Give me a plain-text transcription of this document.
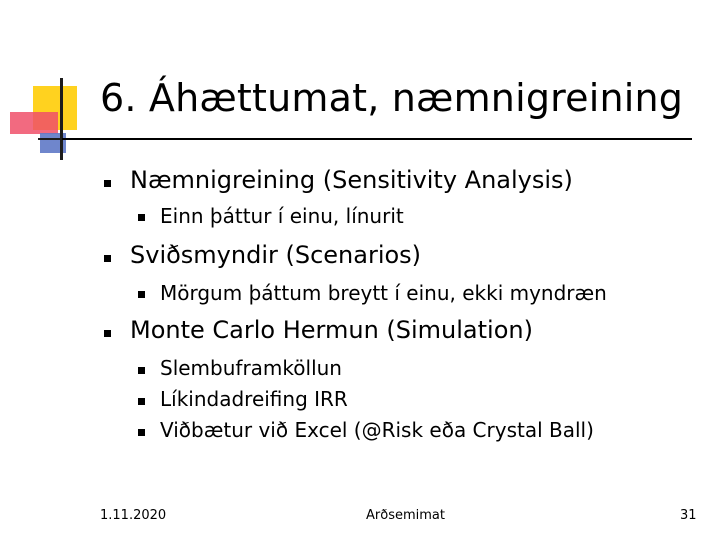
6. Áhættumat, næmnigreining
Næmnigreining (Sensitivity Analysis)
Einn þáttur í einu, línurit
Sviðsmyndir (Scenarios)
Mörgum þáttum breytt í einu, ekki myndræn
Monte Carlo Hermun (Simulation)
Slembuframköllun
Líkindadreifing IRR
Viðbætur við Excel (@Risk eða Crystal Ball)
1.11.2020	Arðsemimat	31
